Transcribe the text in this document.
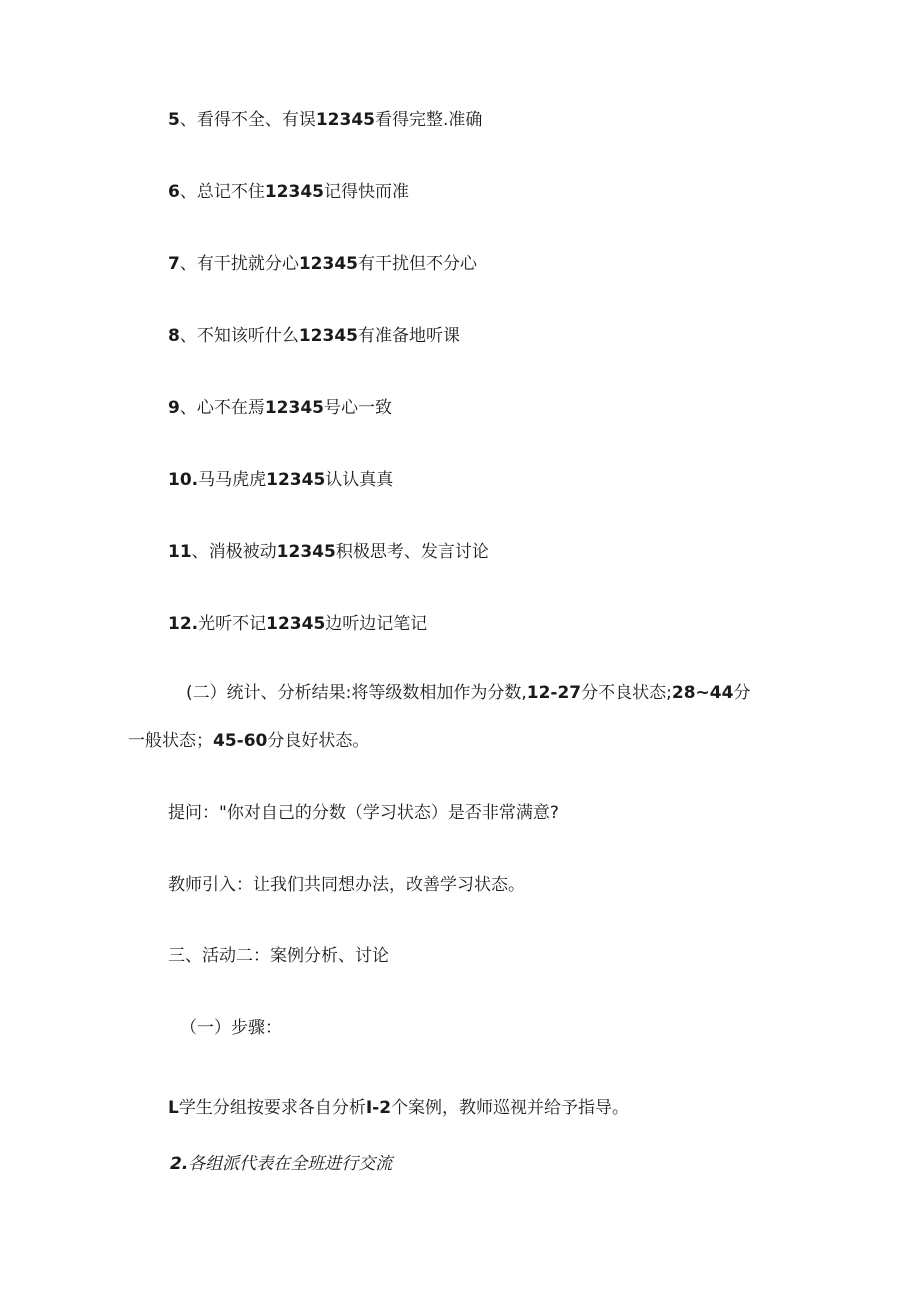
5、看得不全、有误12345看得完整.准确
6、总记不住12345记得快而准
7、有干扰就分心12345有干扰但不分心
8、不知该听什么12345有准备地听课
9、心不在焉12345号心一致
10.马马虎虎12345认认真真
11、消极被动12345积极思考、发言讨论
12.光听不记12345边听边记笔记
(二）统计、分析结果:将等级数相加作为分数,12-27分不良状态;28~44分
一般状态；45-60分良好状态。
提问："你对自己的分数（学习状态）是否非常满意?
教师引入：让我们共同想办法，改善学习状态。
三、活动二：案例分析、讨论
（一）步骤：
L学生分组按要求各自分析I-2个案例，教师巡视并给予指导。
2.各组派代表在全班进行交流
